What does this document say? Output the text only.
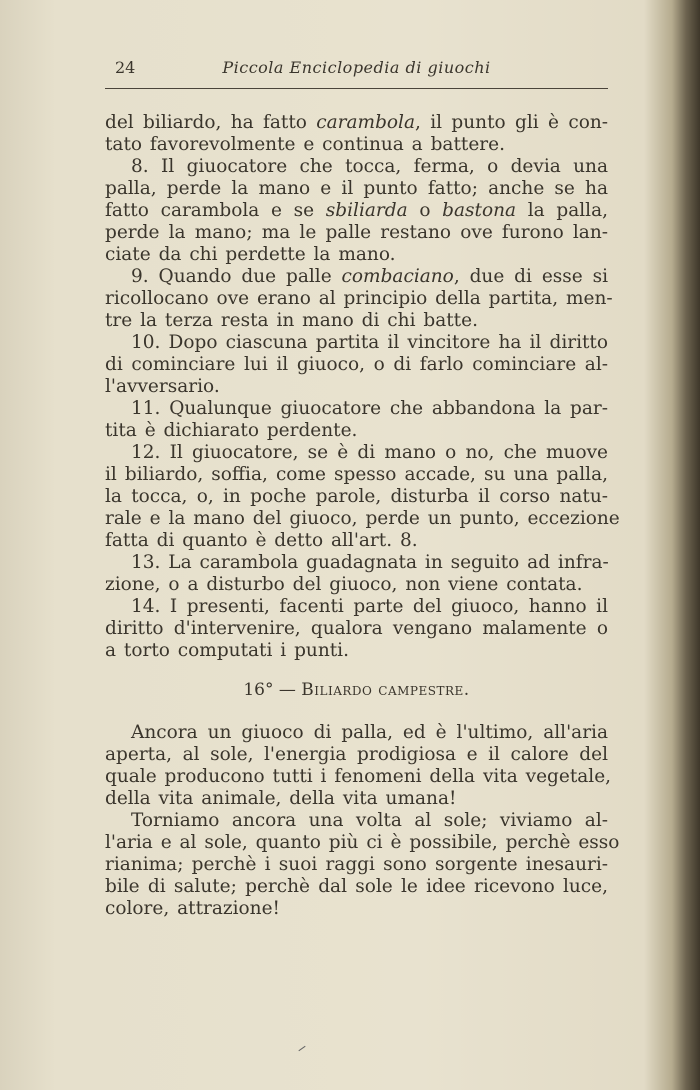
24	Piccola Enciclopedia di giuochi
del biliardo, ha fatto carambola, il punto gli è con-
tato favorevolmente e continua a battere.
8. Il giuocatore che tocca, ferma, o devia una
palla, perde la mano e il punto fatto; anche se ha
fatto carambola e se sbiliarda o bastona la palla,
perde la mano; ma le palle restano ove furono lan-
ciate da chi perdette la mano.
9. Quando due palle combaciano, due di esse si
ricollocano ove erano al principio della partita, men-
tre la terza resta in mano di chi batte.
10. Dopo ciascuna partita il vincitore ha il diritto
di cominciare lui il giuoco, o di farlo cominciare al-
l'avversario.
11. Qualunque giuocatore che abbandona la par-
tita è dichiarato perdente.
12. Il giuocatore, se è di mano o no, che muove
il biliardo, soffia, come spesso accade, su una palla,
la tocca, o, in poche parole, disturba il corso natu-
rale e la mano del giuoco, perde un punto, eccezione
fatta di quanto è detto all'art. 8.
13. La carambola guadagnata in seguito ad infra-
zione, o a disturbo del giuoco, non viene contata.
14. I presenti, facenti parte del giuoco, hanno il
diritto d'intervenire, qualora vengano malamente o
a torto computati i punti.
16° — Biliardo campestre.
Ancora un giuoco di palla, ed è l'ultimo, all'aria
aperta, al sole, l'energia prodigiosa e il calore del
quale producono tutti i fenomeni della vita vegetale,
della vita animale, della vita umana!
Torniamo ancora una volta al sole; viviamo al-
l'aria e al sole, quanto più ci è possibile, perchè esso
rianima; perchè i suoi raggi sono sorgente inesauri-
bile di salute; perchè dal sole le idee ricevono luce,
colore, attrazione!
